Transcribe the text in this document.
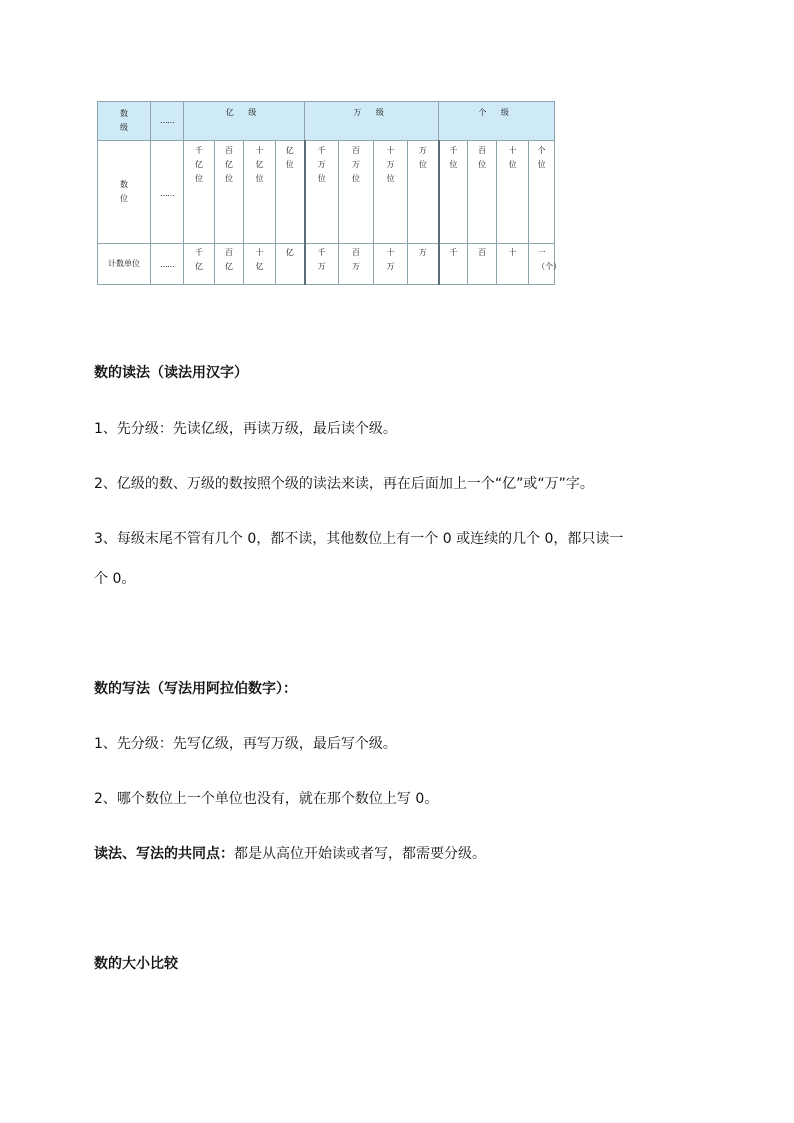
数级	……	亿 级				万 级				个 级			
数位	……	千亿位	百亿位	十亿位	亿位	千万位	百万位	十万位	万位	千位	百位	十位	个位
计数单位	……	千亿	百亿	十亿	亿	千万	百万	十万	万	千	百	十	一（个）

数的读法（读法用汉字）

1、先分级：先读亿级，再读万级，最后读个级。

2、亿级的数、万级的数按照个级的读法来读，再在后面加上一个“亿”或“万”字。

3、每级末尾不管有几个 0，都不读，其他数位上有一个 0 或连续的几个 0，都只读一

个 0。

数的写法（写法用阿拉伯数字）：

1、先分级：先写亿级，再写万级，最后写个级。

2、哪个数位上一个单位也没有，就在那个数位上写 0。

读法、写法的共同点：都是从高位开始读或者写，都需要分级。

数的大小比较
